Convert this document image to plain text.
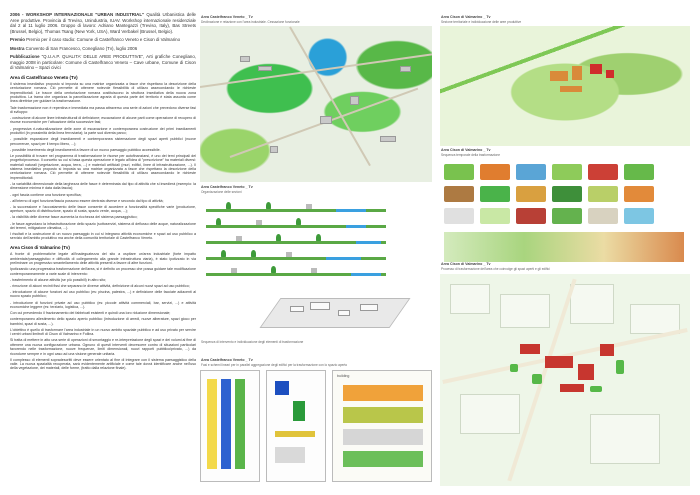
2006 - WORKSHOP INTERNAZIONALE "URBAN INDUSTRIAL" Qualità Urbanistica delle Aree produttive. Provincia di Treviso, Unindustria, IUAV. Workshop internazionale residenziale dal 2 al 11 luglio 2006. Gruppo di lavoro: Adriano Mantegazzi (Treviso, Italy), Bas Streets (Brussel, Belgio), Thomas Tsang (New York, USA), Ward Verbakel (Brussel, Belgio).

Premio Premio per il caso studio: Comune di Castelfranco Veneto e Cison di Valmarino

Mostra Convento di San Francesco, Conegliano (Tv), luglio 2006

Pubblicazione "Q.U.A.P. QUALITA' DELLE AREE PRODUTTIVE", Arti grafiche Conegliano, maggio 2008 in particolare: Comune di Castelfranco Veneto – Cave urbane, Comune di Cison di Valmarino – Spazi civici

Area di Castelfranco Veneto (Tv)

Il sistema insediativo proposto si imposta su una matrice organizzata a fasce che rispettano la descrizione della centuriazione romana. Ciò permette di ottenere notevole flessibilità di utilizzo assecondando le richieste imprenditoriali. Le tracce della centuriazione romana costituiscono la struttura insediativa della nuova zona produttiva. La trama che organizza la parcellizzazione agraria di questa parte del territorio è stata assunta come linea direttrice per guidare la trasformazione.

Tale trasformazione non è repentina e immediata ma passa attraverso una serie di azioni che prevedono diverse fasi di sviluppo:

- costruzione di alcune linee infrastrutturali di definizione; escavazione di alcune parti come operazione di recupero di risorse economiche per l'attuazione della successive fasi;

- progressiva ri-naturalizzazione delle zone di escavazione e contemporanea costruzione dei primi insediamenti produttivi (in prossimità della linea ferroviaria); la parte sud diventa parco;

- possibile espansione degli insediamenti e contemporanea sistemazione degli spazi aperti pubblici (nuove percorrenze, spazi per il tempo libero, ...);

- possibile inserimento degli insediamenti a favore di un nuovo paesaggio pubblico accessibile.

Le possibilità di trovare nel programma di trasformazione le risorse per autofinanziarsi, è uno dei temi principali del progetto/processo. Il concetto su cui si basa questa operazione è legato all'idea di "prescrizione" ha materiali diversi: materiali naturali (vegetazione, acqua, terra, ...) e materiali artificiali (muri, edifici, linee di infrastrutturazione, ...). Il sistema insediativo proposto si imposta su una matrice organizzata a fasce che rispettano la descrizione della centuriazione romana. Ciò permette di ottenere notevole flessibilità di utilizzo assecondando le richieste imprenditoriali.

- la variabilità dimensionale della larghezza delle fasce è determinata dal tipo di attività che si insedierà (esempio: la dimensione minima è data dalla fascia);

- ogni fascia contiene una funzione specifica;

- all'interno di ogni funzione/fascia possono essere dentrata diverse e secondo dal tipo di attività;

- la successione e l'accostamento delle fasce consente di accedere a funzionalità specifiche varie (produzione, aperture, spazio di distribuzione, spazio di sosta, spazio verde, acqua, ...);

- la visibilità delle diverse fasce aumenta la ricchezza del sistema paesaggistico;

- le fasce agevolano la infrastrutturazione dello spazio (sottoservizi, sistema di deflusso delle acque, naturalizzazione dei terreni, mitigazione climatica, ...).

I risultati e la costruzione di un nuovo paesaggio in cui si integrano attività economiche e spazi ad uso pubblico a servizio dell'ambito produttivo ma anche della comunità territoriale di Castelfranco Veneto.

Area Cison di Valmarino (Tv)

A fronte di problematiche legate all'inadeguatezza del sito a ospitare un'area industriale (forte impatto ambientale/paesaggistico e difficoltà di collegamento alla grande infrastruttura viaria), è stato ipotizzato in via preliminare un progressivo smantellamento delle attività presenti a favore di altre funzioni.

Ipotizzando una progressiva trasformazione dell'area, si è definito un processo che possa guidare tale modificazione contemporaneamente a varie scale di intervento:

- trasferimento di alcune attività (se più possibili) in altro sito;

- rimozione di alcuni recinti fissi che separano le diverse attività, definizione di alcuni nuovi spazi ad uso pubblico;

- introduzione di alcune funzioni ad uso pubblico (es: piscina, palestra, ...) e definizione delle facciate adiacenti al nuovo spazio pubblico;

- introduzione di funzioni private ad uso pubblico (es: piccole attività commerciali, bar, servizi, ...) e attività economiche leggere (es: terziario, logistica, ...).

Con cui prevedendo il frazionamento dei fabbricati esistenti e quindi una loro riduzione dimensionale;

contemporaneo allestimento dello spazio aperto pubblico (introduzione di arredi, nuove alberature, spazi gioco per bambini, spazi di sosta, ...).

L'obiettivo è quello di trasformare l'area industriale in un nuovo ambito spaziale pubblico e ad uso privato per servire i centri urbani limitrofi di Cison di Valmarino e Follina.

Si tratta di mettere in atto una serie di operazioni di smontaggio e re-interpretazione degli spazi e dei volumi al fine di ottenere una nuova configurazione urbana. Ognuno di questi interventi decrescere contro di situazioni particolari favorendo nelle trasformazione, nuove frequenze, limiti dimensionali, nuovi rapporti pubblico/privato, ...) da ricondurre sempre e in ogni caso ad una visione generale unitaria.

Il complesso di elementi sopradescritti deve essere orientato al fine di integrare con il sistema paesaggistico della valle. La nuova spazialità recuperata, sarà evidentemente artificiale e come tale dovrà identificare anche nell'uso della vegetazione, dei materiali, delle forme, (tratto dalla relazione finale).

Area Castelfranco Veneto _ Tv
Declinazione e relazione con l'area industriale. Cessazione funzionale
Area Castelfranco Veneto _ Tv
Organizzazione delle sezioni
Sequenza di intervento e individuazione degli elementi di trasformazione
Area Castelfranco Veneto _ Tv
Fasi e schemi lineari per in parallel aggregazione degli edifici per la trasformazione con lo spazio aperto
building
Area Cison di Valmarino _ Tv
Sezione territoriale e individuazione delle aree produttive
Area Cison di Valmarino _ Tv
Sequenza temporale della trasformazione
Area Cison di Valmarino _ Tv
Processo di trasformazione dell'area che coinvolge gli spazi aperti e gli edifici
